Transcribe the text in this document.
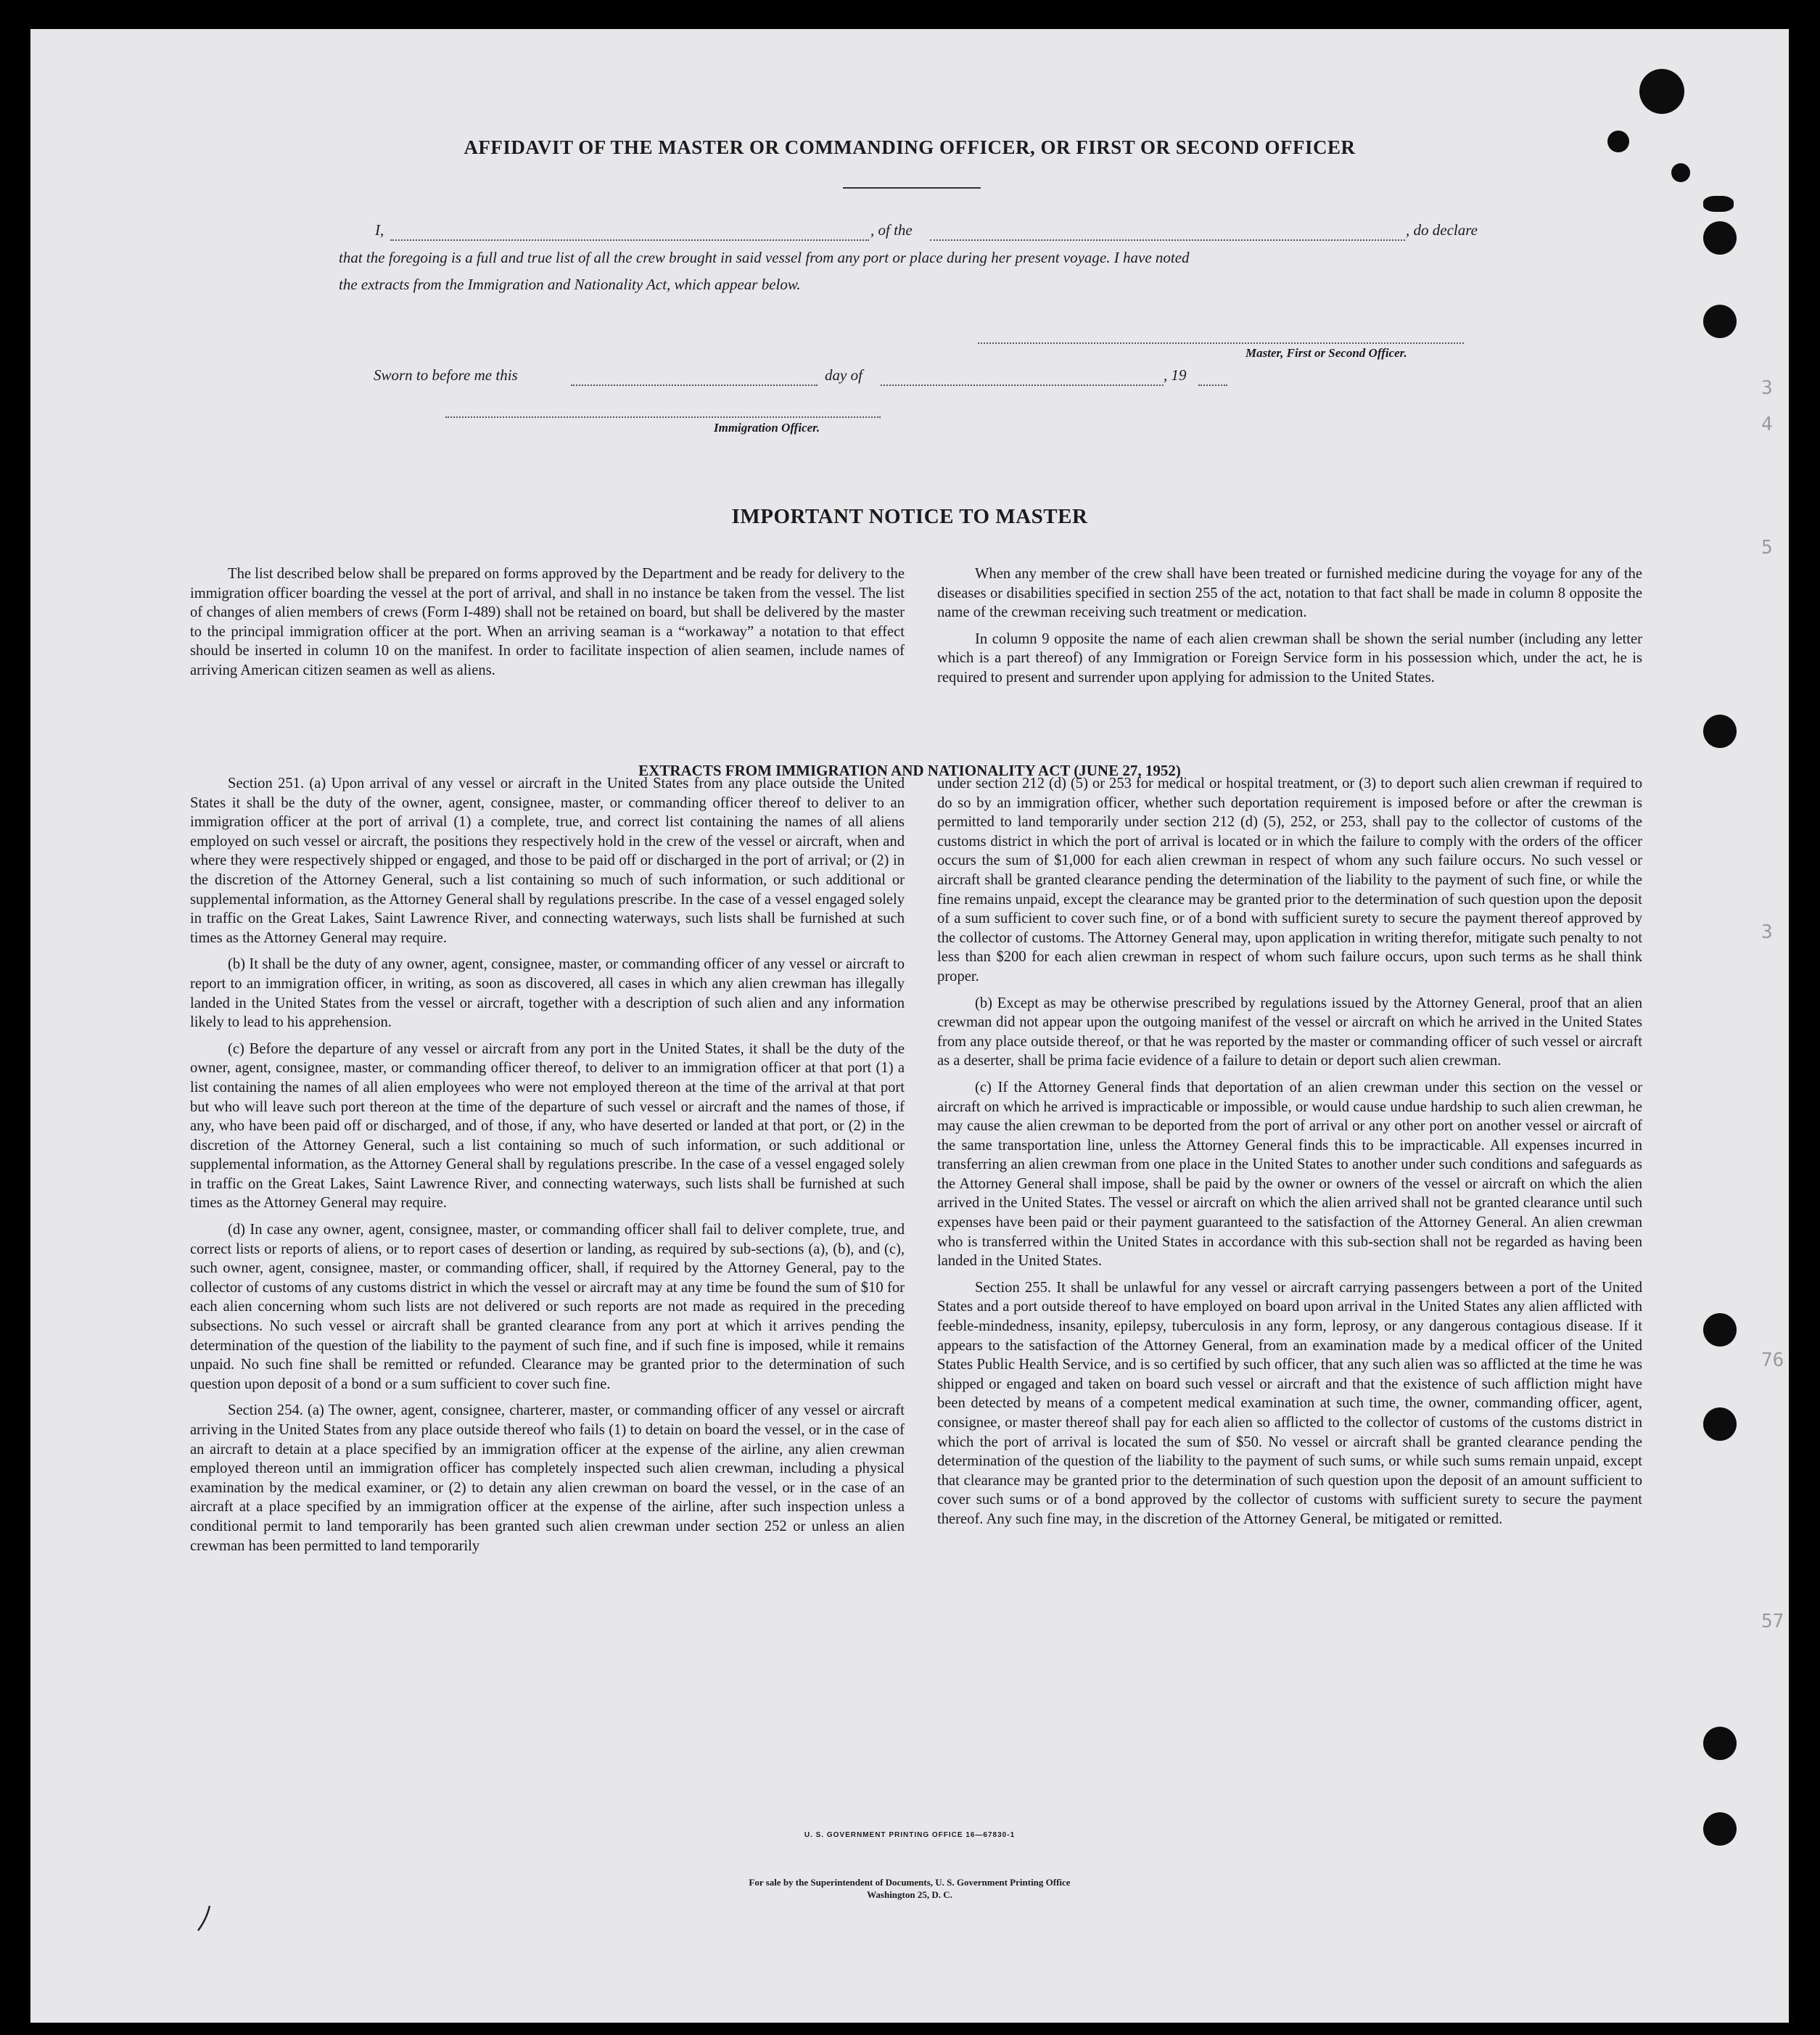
3
4
5
3
76
57
AFFIDAVIT OF THE MASTER OR COMMANDING OFFICER, OR FIRST OR SECOND OFFICER
I,	, of the	, do declare
that the foregoing is a full and true list of all the crew brought in said vessel from any port or place during her present voyage. I have noted
the extracts from the Immigration and Nationality Act, which appear below.
Master, First or Second Officer.
Sworn to before me this	day of	, 19
Immigration Officer.
IMPORTANT NOTICE TO MASTER

The list described below shall be prepared on forms approved by the Department and be ready for delivery to the immigration officer boarding the vessel at the port of arrival, and shall in no instance be taken from the vessel. The list of changes of alien members of crews (Form I-489) shall not be retained on board, but shall be delivered by the master to the principal immigration officer at the port. When an arriving seaman is a “workaway” a notation to that effect should be inserted in column 10 on the manifest. In order to facilitate inspection of alien seamen, include names of arriving American citizen seamen as well as aliens.

When any member of the crew shall have been treated or furnished medicine during the voyage for any of the diseases or disabilities specified in section 255 of the act, notation to that fact shall be made in column 8 opposite the name of the crewman receiving such treatment or medication.

In column 9 opposite the name of each alien crewman shall be shown the serial number (including any letter which is a part thereof) of any Immigration or Foreign Service form in his possession which, under the act, he is required to present and surrender upon applying for admission to the United States.

EXTRACTS FROM IMMIGRATION AND NATIONALITY ACT (JUNE 27, 1952)

Section 251. (a) Upon arrival of any vessel or aircraft in the United States from any place outside the United States it shall be the duty of the owner, agent, consignee, master, or commanding officer thereof to deliver to an immigration officer at the port of arrival (1) a complete, true, and correct list containing the names of all aliens employed on such vessel or aircraft, the positions they respectively hold in the crew of the vessel or aircraft, when and where they were respectively shipped or engaged, and those to be paid off or discharged in the port of arrival; or (2) in the discretion of the Attorney General, such a list containing so much of such information, or such additional or supplemental information, as the Attorney General shall by regulations prescribe. In the case of a vessel engaged solely in traffic on the Great Lakes, Saint Lawrence River, and connecting waterways, such lists shall be furnished at such times as the Attorney General may require.

(b) It shall be the duty of any owner, agent, consignee, master, or commanding officer of any vessel or aircraft to report to an immigration officer, in writing, as soon as discovered, all cases in which any alien crewman has illegally landed in the United States from the vessel or aircraft, together with a description of such alien and any information likely to lead to his apprehension.

(c) Before the departure of any vessel or aircraft from any port in the United States, it shall be the duty of the owner, agent, consignee, master, or commanding officer thereof, to deliver to an immigration officer at that port (1) a list containing the names of all alien employees who were not employed thereon at the time of the arrival at that port but who will leave such port thereon at the time of the departure of such vessel or aircraft and the names of those, if any, who have been paid off or discharged, and of those, if any, who have deserted or landed at that port, or (2) in the discretion of the Attorney General, such a list containing so much of such information, or such additional or supplemental information, as the Attorney General shall by regulations prescribe. In the case of a vessel engaged solely in traffic on the Great Lakes, Saint Lawrence River, and connecting waterways, such lists shall be furnished at such times as the Attorney General may require.

(d) In case any owner, agent, consignee, master, or commanding officer shall fail to deliver complete, true, and correct lists or reports of aliens, or to report cases of desertion or landing, as required by sub-sections (a), (b), and (c), such owner, agent, consignee, master, or commanding officer, shall, if required by the Attorney General, pay to the collector of customs of any customs district in which the vessel or aircraft may at any time be found the sum of $10 for each alien concerning whom such lists are not delivered or such reports are not made as required in the preceding subsections. No such vessel or aircraft shall be granted clearance from any port at which it arrives pending the determination of the question of the liability to the payment of such fine, and if such fine is imposed, while it remains unpaid. No such fine shall be remitted or refunded. Clearance may be granted prior to the determination of such question upon deposit of a bond or a sum sufficient to cover such fine.

Section 254. (a) The owner, agent, consignee, charterer, master, or commanding officer of any vessel or aircraft arriving in the United States from any place outside thereof who fails (1) to detain on board the vessel, or in the case of an aircraft to detain at a place specified by an immigration officer at the expense of the airline, any alien crewman employed thereon until an immigration officer has completely inspected such alien crewman, including a physical examination by the medical examiner, or (2) to detain any alien crewman on board the vessel, or in the case of an aircraft at a place specified by an immigration officer at the expense of the airline, after such inspection unless a conditional permit to land temporarily has been granted such alien crewman under section 252 or unless an alien crewman has been permitted to land temporarily

under section 212 (d) (5) or 253 for medical or hospital treatment, or (3) to deport such alien crewman if required to do so by an immigration officer, whether such deportation requirement is imposed before or after the crewman is permitted to land temporarily under section 212 (d) (5), 252, or 253, shall pay to the collector of customs of the customs district in which the port of arrival is located or in which the failure to comply with the orders of the officer occurs the sum of $1,000 for each alien crewman in respect of whom any such failure occurs. No such vessel or aircraft shall be granted clearance pending the determination of the liability to the payment of such fine, or while the fine remains unpaid, except the clearance may be granted prior to the determination of such question upon the deposit of a sum sufficient to cover such fine, or of a bond with sufficient surety to secure the payment thereof approved by the collector of customs. The Attorney General may, upon application in writing therefor, mitigate such penalty to not less than $200 for each alien crewman in respect of whom such failure occurs, upon such terms as he shall think proper.

(b) Except as may be otherwise prescribed by regulations issued by the Attorney General, proof that an alien crewman did not appear upon the outgoing manifest of the vessel or aircraft on which he arrived in the United States from any place outside thereof, or that he was reported by the master or commanding officer of such vessel or aircraft as a deserter, shall be prima facie evidence of a failure to detain or deport such alien crewman.

(c) If the Attorney General finds that deportation of an alien crewman under this section on the vessel or aircraft on which he arrived is impracticable or impossible, or would cause undue hardship to such alien crewman, he may cause the alien crewman to be deported from the port of arrival or any other port on another vessel or aircraft of the same transportation line, unless the Attorney General finds this to be impracticable. All expenses incurred in transferring an alien crewman from one place in the United States to another under such conditions and safeguards as the Attorney General shall impose, shall be paid by the owner or owners of the vessel or aircraft on which the alien arrived in the United States. The vessel or aircraft on which the alien arrived shall not be granted clearance until such expenses have been paid or their payment guaranteed to the satisfaction of the Attorney General. An alien crewman who is transferred within the United States in accordance with this sub-section shall not be regarded as having been landed in the United States.

Section 255. It shall be unlawful for any vessel or aircraft carrying passengers between a port of the United States and a port outside thereof to have employed on board upon arrival in the United States any alien afflicted with feeble-mindedness, insanity, epilepsy, tuberculosis in any form, leprosy, or any dangerous contagious disease. If it appears to the satisfaction of the Attorney General, from an examination made by a medical officer of the United States Public Health Service, and is so certified by such officer, that any such alien was so afflicted at the time he was shipped or engaged and taken on board such vessel or aircraft and that the existence of such affliction might have been detected by means of a competent medical examination at such time, the owner, commanding officer, agent, consignee, or master thereof shall pay for each alien so afflicted to the collector of customs of the customs district in which the port of arrival is located the sum of $50. No vessel or aircraft shall be granted clearance pending the determination of the question of the liability to the payment of such sums, or while such sums remain unpaid, except that clearance may be granted prior to the determination of such question upon the deposit of an amount sufficient to cover such sums or of a bond approved by the collector of customs with sufficient surety to secure the payment thereof. Any such fine may, in the discretion of the Attorney General, be mitigated or remitted.

U. S. GOVERNMENT PRINTING OFFICE 16—67830-1
For sale by the Superintendent of Documents, U. S. Government Printing Office
Washington 25, D. C.
